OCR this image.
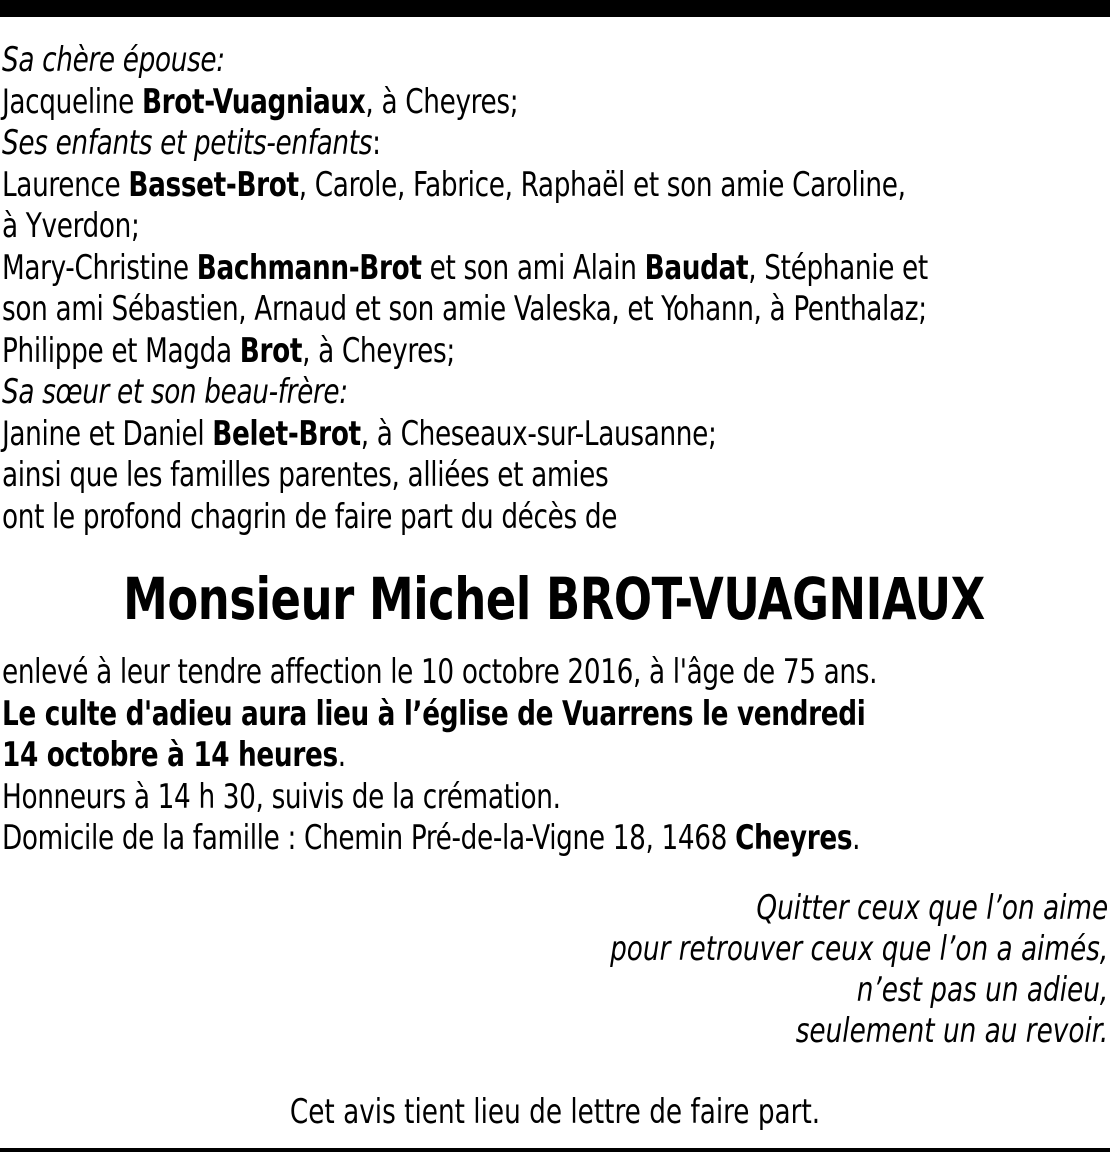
Sa chère épouse:
Jacqueline Brot-Vuagniaux, à Cheyres;
Ses enfants et petits-enfants:
Laurence Basset-Brot, Carole, Fabrice, Raphaël et son amie Caroline,
à Yverdon;
Mary-Christine Bachmann-Brot et son ami Alain Baudat, Stéphanie et
son ami Sébastien, Arnaud et son amie Valeska, et Yohann, à Penthalaz;
Philippe et Magda Brot, à Cheyres;
Sa sœur et son beau-frère:
Janine et Daniel Belet-Brot, à Cheseaux-sur-Lausanne;
ainsi que les familles parentes, alliées et amies
ont le profond chagrin de faire part du décès de
Monsieur Michel BROT-VUAGNIAUX
enlevé à leur tendre affection le 10 octobre 2016, à l'âge de 75 ans.
Le culte d'adieu aura lieu à l’église de Vuarrens le vendredi
14 octobre à 14 heures.
Honneurs à 14 h 30, suivis de la crémation.
Domicile de la famille : Chemin Pré-de-la-Vigne 18, 1468 Cheyres.
Quitter ceux que l’on aime
pour retrouver ceux que l’on a aimés,
n’est pas un adieu,
seulement un au revoir.
Cet avis tient lieu de lettre de faire part.
